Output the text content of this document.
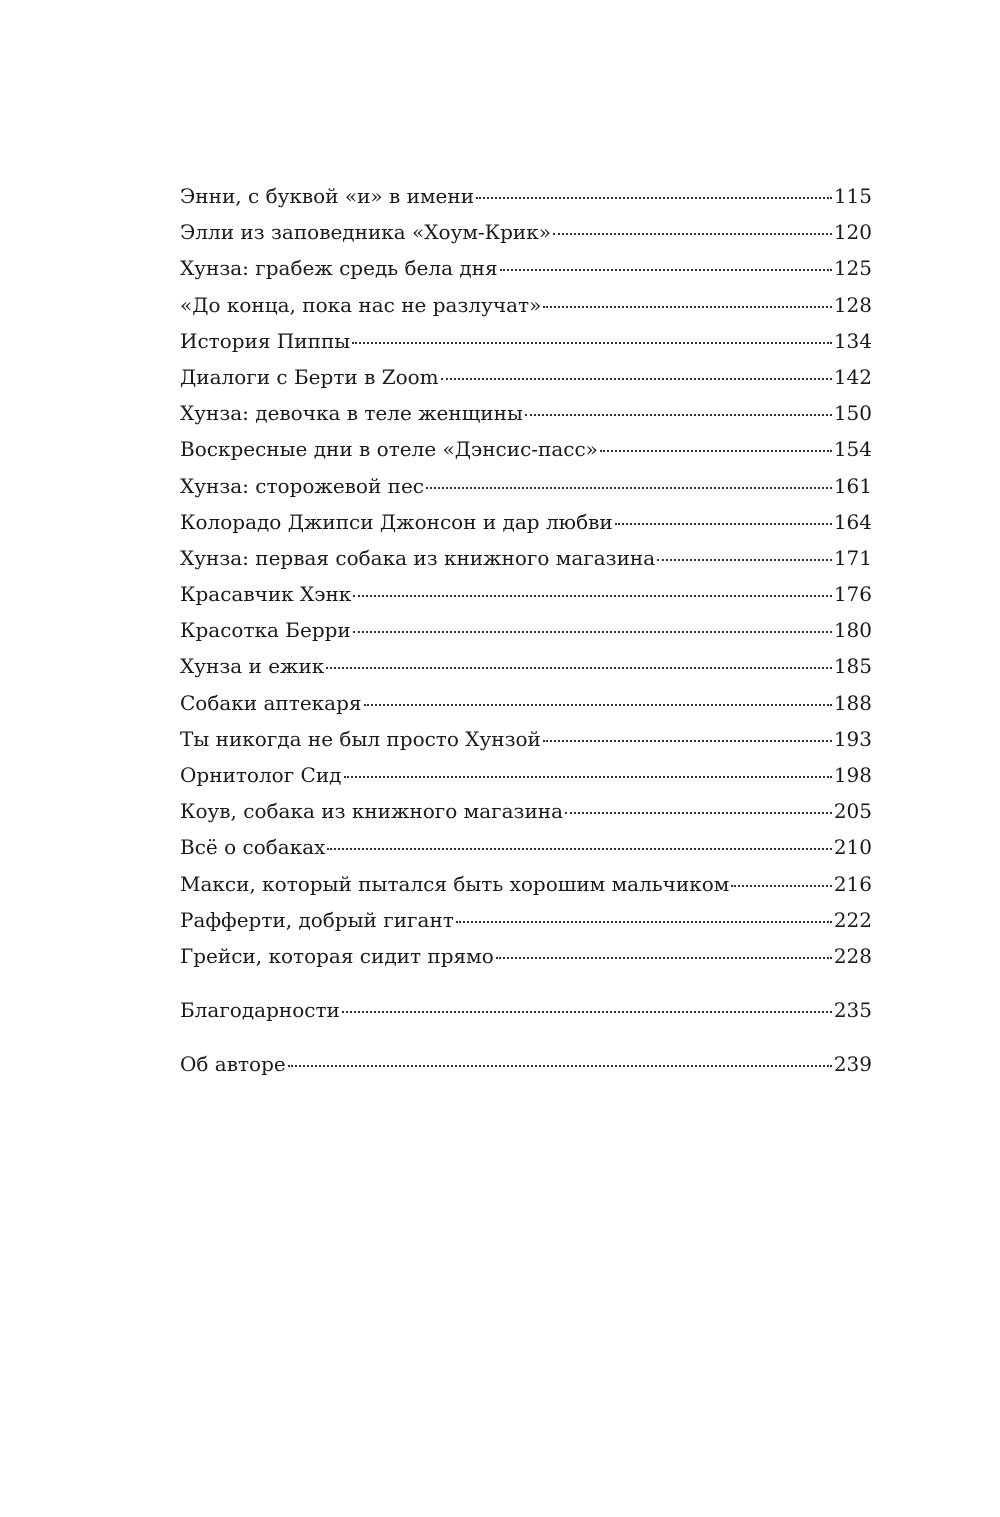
Энни, с буквой «и» в имени	115
Элли из заповедника «Хоум-Крик»	120
Хунза: грабеж средь бела дня	125
«До конца, пока нас не разлучат»	128
История Пиппы	134
Диалоги с Берти в Zoom	142
Хунза: девочка в теле женщины	150
Воскресные дни в отеле «Дэнсис-пасс»	154
Хунза: сторожевой пес	161
Колорадо Джипси Джонсон и дар любви	164
Хунза: первая собака из книжного магазина	171
Красавчик Хэнк	176
Красотка Берри	180
Хунза и ежик	185
Собаки аптекаря	188
Ты никогда не был просто Хунзой	193
Орнитолог Сид	198
Коув, собака из книжного магазина	205
Всё о собаках	210
Макси, который пытался быть хорошим мальчиком	216
Рафферти, добрый гигант	222
Грейси, которая сидит прямо	228
Благодарности	235
Об авторе	239
